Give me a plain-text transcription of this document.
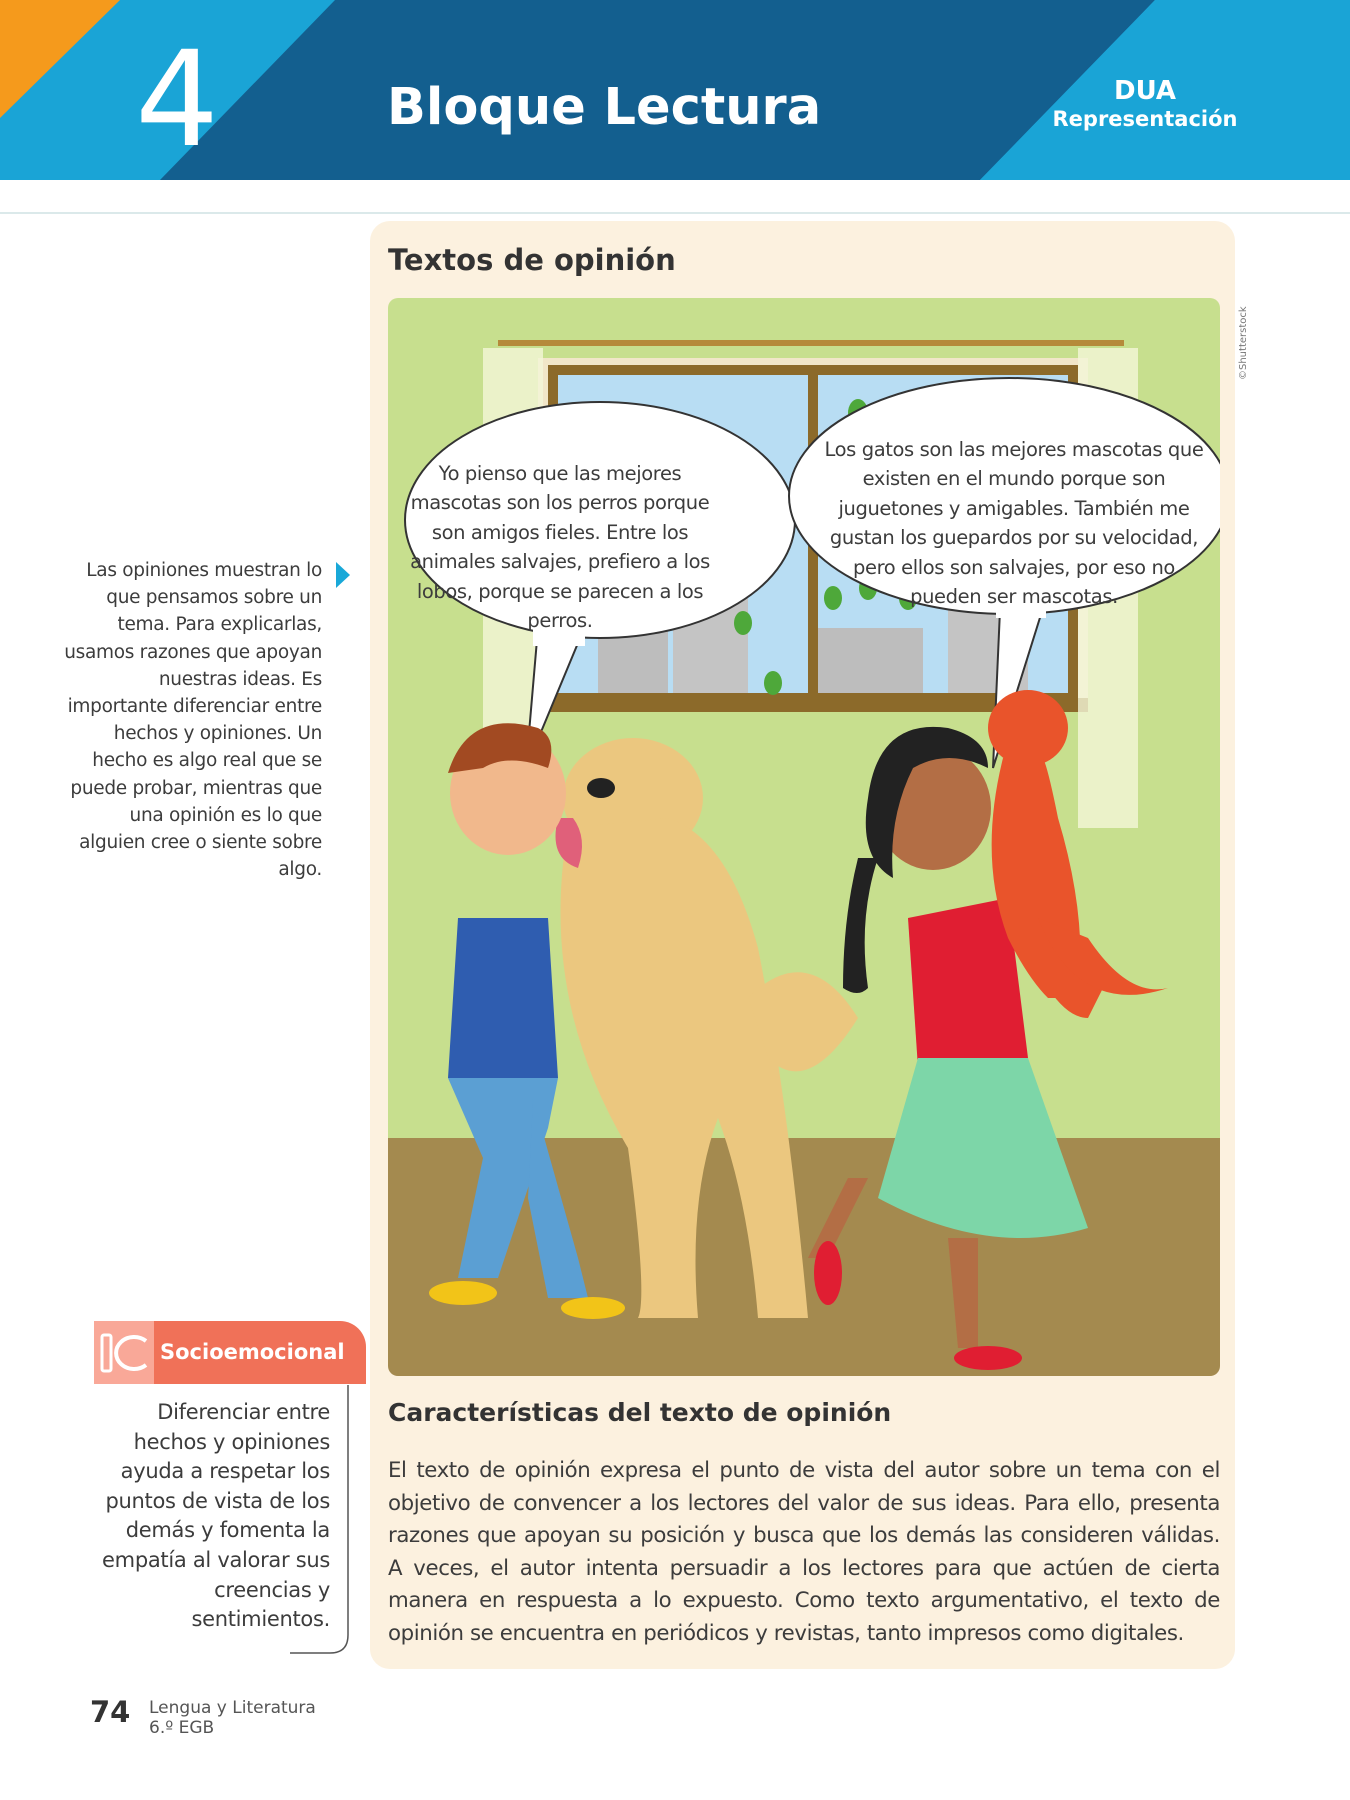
4	Bloque Lectura	DUA
Representación
Las opiniones muestran lo que pensamos sobre un tema. Para explicarlas, usamos razones que apoyan nuestras ideas. Es importante diferenciar entre hechos y opiniones. Un hecho es algo real que se puede probar, mientras que una opinión es lo que alguien cree o siente sobre algo.
Socioemocional
Diferenciar entre hechos y opiniones ayuda a respetar los puntos de vista de los demás y fomenta la empatía al valorar sus creencias y sentimientos.
Textos de opinión
©Shutterstock
Yo pienso que las mejores mascotas son los perros porque son amigos fieles. Entre los animales salvajes, prefiero a los lobos, porque se parecen a los perros.
Los gatos son las mejores mascotas que existen en el mundo porque son juguetones y amigables. También me gustan los guepardos por su velocidad, pero ellos son salvajes, por eso no pueden ser mascotas.
Características del texto de opinión
El texto de opinión expresa el punto de vista del autor sobre un tema con el objetivo de convencer a los lectores del valor de sus ideas. Para ello, presenta razones que apoyan su posición y busca que los demás las consideren válidas. A veces, el autor intenta persuadir a los lectores para que actúen de cierta manera en respuesta a lo expuesto. Como texto argumentativo, el texto de opinión se encuentra en periódicos y revistas, tanto impresos como digitales.
74 Lengua y Literatura
6.º EGB
